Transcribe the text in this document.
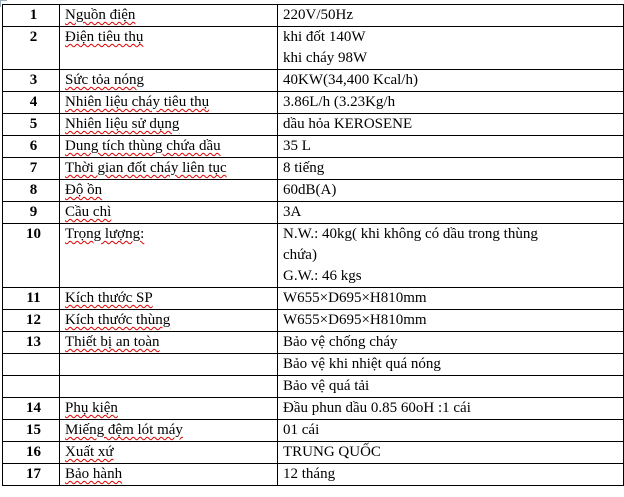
1	Nguồn điện	220V/50Hz

2	Điện tiêu thụ	khi đốt 140W
khi cháy 98W

3	Sức tỏa nóng	40KW(34,400 Kcal/h)

4	Nhiên liệu cháy tiêu thụ	3.86L/h (3.23Kg/h

5	Nhiên liệu sử dụng	dầu hỏa KEROSENE

6	Dung tích thùng chứa dầu	35 L

7	Thời gian đốt cháy liên tục	8 tiếng

8	Độ ồn	60dB(A)

9	Cầu chì	3A

10	Trọng lượng:	N.W.: 40kg( khi không có dầu trong thùng
chứa)
G.W.: 46 kgs

11	Kích thước SP	W655×D695×H810mm

12	Kích thước thùng	W655×D695×H810mm

13	Thiết bị an toàn	Bảo vệ chống cháy

		Bảo vệ khi nhiệt quá nóng

		Bảo vệ quá tải

14	Phụ kiện	Đầu phun dầu 0.85 60oH :1 cái

15	Miếng đệm lót máy	01 cái

16	Xuất xứ	TRUNG QUỐC

17	Bảo hành	12 tháng
